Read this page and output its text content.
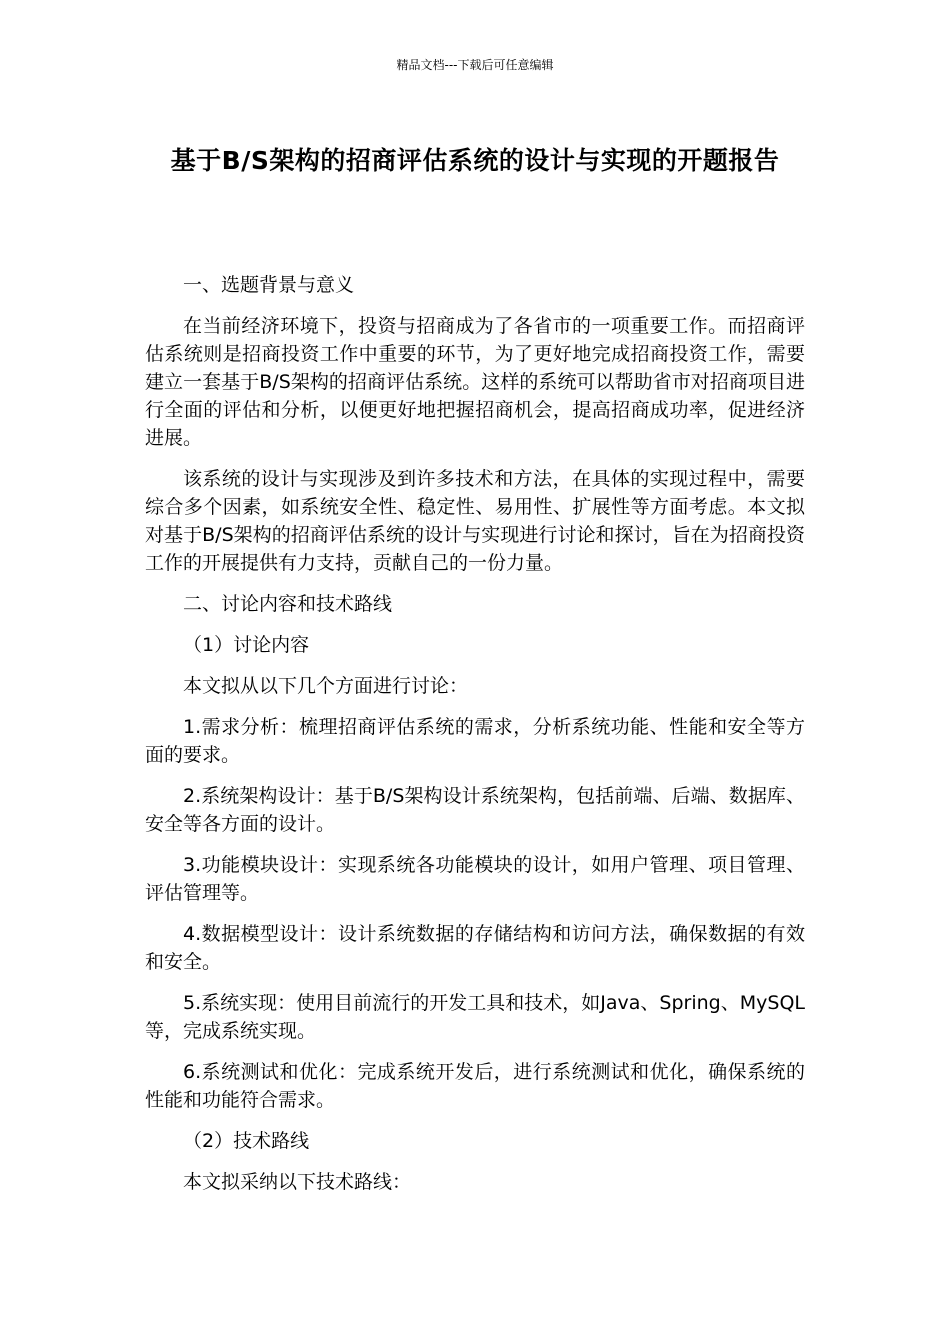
精品文档---下载后可任意编辑
基于B/S架构的招商评估系统的设计与实现的开题报告

一、选题背景与意义

在当前经济环境下，投资与招商成为了各省市的一项重要工作。而招商评估系统则是招商投资工作中重要的环节，为了更好地完成招商投资工作，需要建立一套基于B/S架构的招商评估系统。这样的系统可以帮助省市对招商项目进行全面的评估和分析，以便更好地把握招商机会，提高招商成功率，促进经济进展。

该系统的设计与实现涉及到许多技术和方法，在具体的实现过程中，需要综合多个因素，如系统安全性、稳定性、易用性、扩展性等方面考虑。本文拟对基于B/S架构的招商评估系统的设计与实现进行讨论和探讨，旨在为招商投资工作的开展提供有力支持，贡献自己的一份力量。

二、讨论内容和技术路线

（1）讨论内容

本文拟从以下几个方面进行讨论：

1.需求分析：梳理招商评估系统的需求，分析系统功能、性能和安全等方面的要求。

2.系统架构设计：基于B/S架构设计系统架构，包括前端、后端、数据库、安全等各方面的设计。

3.功能模块设计：实现系统各功能模块的设计，如用户管理、项目管理、评估管理等。

4.数据模型设计：设计系统数据的存储结构和访问方法，确保数据的有效和安全。

5.系统实现：使用目前流行的开发工具和技术，如Java、Spring、MySQL等，完成系统实现。

6.系统测试和优化：完成系统开发后，进行系统测试和优化，确保系统的性能和功能符合需求。

（2）技术路线

本文拟采纳以下技术路线：
